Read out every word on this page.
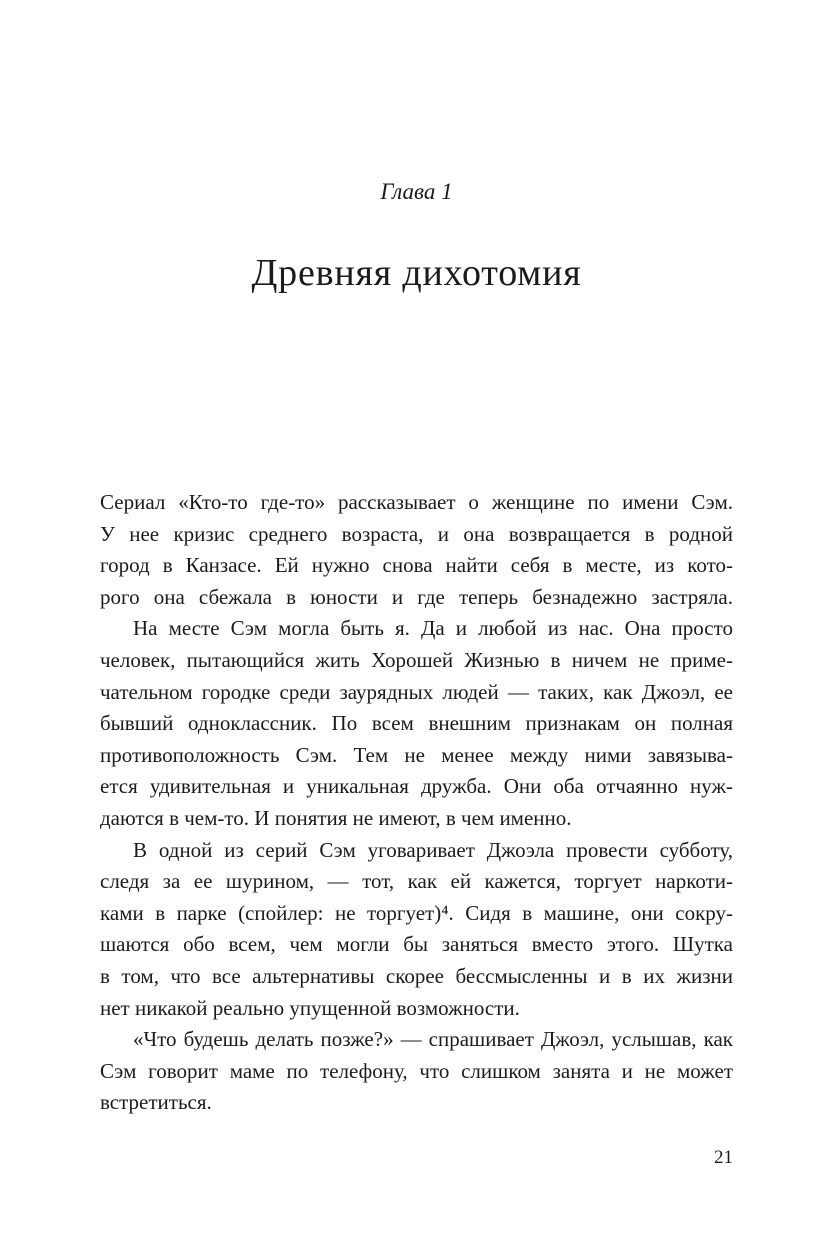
Глава 1
Древняя дихотомия
Сериал «Кто-то где-то» рассказывает о женщине по имени Сэм.
У нее кризис среднего возраста, и она возвращается в родной
город в Канзасе. Ей нужно снова найти себя в месте, из кото-
рого она сбежала в юности и где теперь безнадежно застряла.
На месте Сэм могла быть я. Да и любой из нас. Она просто
человек, пытающийся жить Хорошей Жизнью в ничем не приме-
чательном городке среди заурядных людей — таких, как Джоэл, ее
бывший одноклассник. По всем внешним признакам он полная
противоположность Сэм. Тем не менее между ними завязыва-
ется удивительная и уникальная дружба. Они оба отчаянно нуж-
даются в чем-то. И понятия не имеют, в чем именно.
В одной из серий Сэм уговаривает Джоэла провести субботу,
следя за ее шурином, — тот, как ей кажется, торгует наркоти-
ками в парке (спойлер: не торгует)⁴. Сидя в машине, они сокру-
шаются обо всем, чем могли бы заняться вместо этого. Шутка
в том, что все альтернативы скорее бессмысленны и в их жизни
нет никакой реально упущенной возможности.
«Что будешь делать позже?» — спрашивает Джоэл, услышав, как
Сэм говорит маме по телефону, что слишком занята и не может
встретиться.
21
